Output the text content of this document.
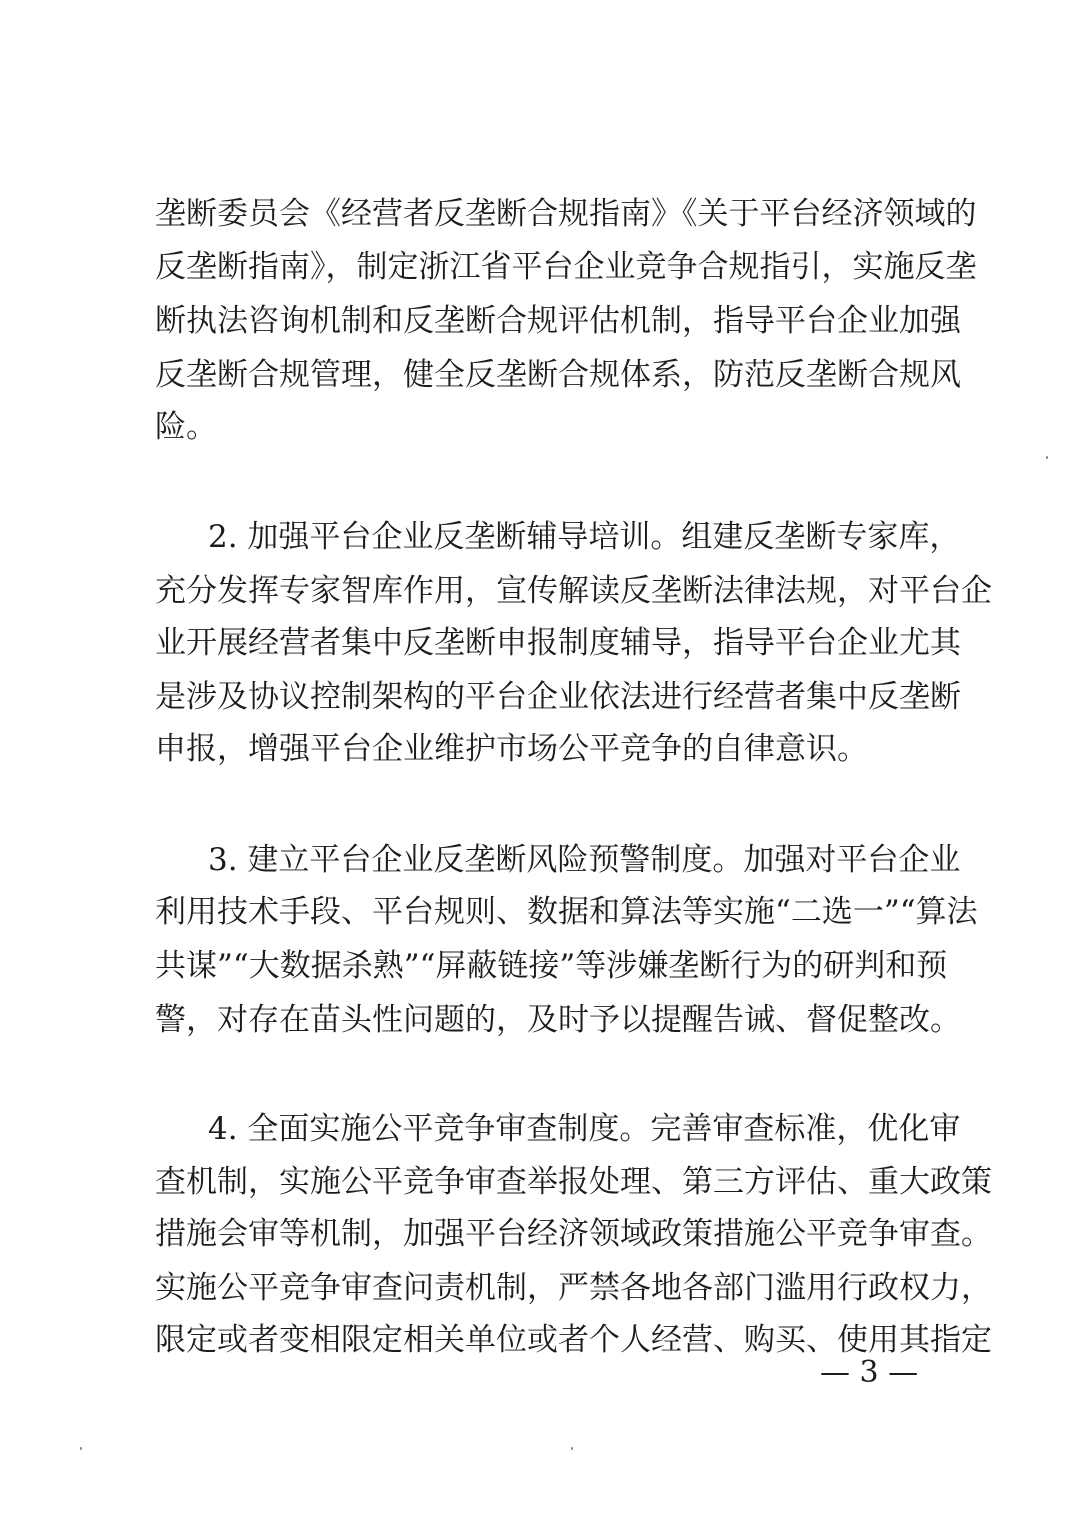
垄断委员会《经营者反垄断合规指南》《关于平台经济领域的
反垄断指南》，制定浙江省平台企业竞争合规指引，实施反垄
断执法咨询机制和反垄断合规评估机制，指导平台企业加强
反垄断合规管理，健全反垄断合规体系，防范反垄断合规风
险。
2. 加强平台企业反垄断辅导培训。组建反垄断专家库，
充分发挥专家智库作用，宣传解读反垄断法律法规，对平台企
业开展经营者集中反垄断申报制度辅导，指导平台企业尤其
是涉及协议控制架构的平台企业依法进行经营者集中反垄断
申报，增强平台企业维护市场公平竞争的自律意识。
3. 建立平台企业反垄断风险预警制度。加强对平台企业
利用技术手段、平台规则、数据和算法等实施“二选一”“算法
共谋”“大数据杀熟”“屏蔽链接”等涉嫌垄断行为的研判和预
警，对存在苗头性问题的，及时予以提醒告诫、督促整改。
4. 全面实施公平竞争审查制度。完善审查标准，优化审
查机制，实施公平竞争审查举报处理、第三方评估、重大政策
措施会审等机制，加强平台经济领域政策措施公平竞争审查。
实施公平竞争审查问责机制，严禁各地各部门滥用行政权力，
限定或者变相限定相关单位或者个人经营、购买、使用其指定
— 3 —
